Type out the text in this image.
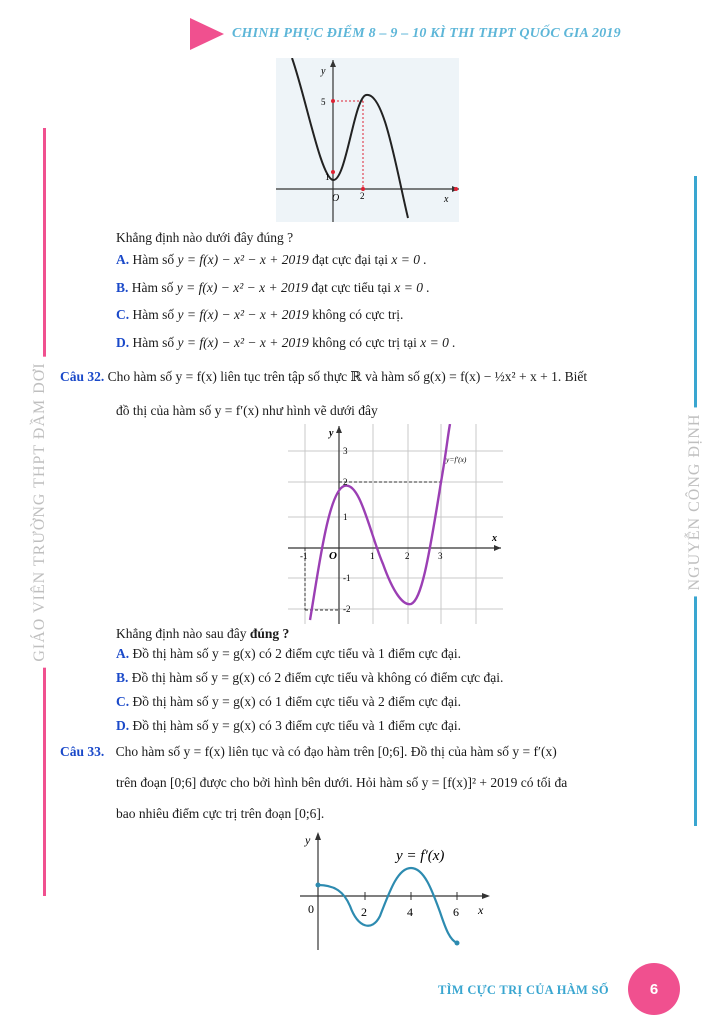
CHINH PHỤC ĐIỂM 8 – 9 – 10 KÌ THI THPT QUỐC GIA 2019
GIÁO VIÊN TRƯỜNG THPT ĐẦM DƠI	NGUYỄN CÔNG ĐỊNH
y
x
5
1
2
O
Khẳng định nào dưới đây đúng ?
A. Hàm số y = f(x) − x² − x + 2019 đạt cực đại tại x = 0 .
B. Hàm số y = f(x) − x² − x + 2019 đạt cực tiểu tại x = 0 .
C. Hàm số y = f(x) − x² − x + 2019 không có cực trị.
D. Hàm số y = f(x) − x² − x + 2019 không có cực trị tại x = 0 .
Câu 32. Cho hàm số y = f(x) liên tục trên tập số thực ℝ và hàm số g(x) = f(x) − ½x² + x + 1. Biết
đồ thị của hàm số y = f′(x) như hình vẽ dưới đây
y=f'(x)
y
x
O
-1	1	2	3
3
2
1
-1
-2
Khẳng định nào sau đây đúng ?
A. Đồ thị hàm số y = g(x) có 2 điểm cực tiểu và 1 điểm cực đại.
B. Đồ thị hàm số y = g(x) có 2 điểm cực tiểu và không có điểm cực đại.
C. Đồ thị hàm số y = g(x) có 1 điểm cực tiểu và 2 điểm cực đại.
D. Đồ thị hàm số y = g(x) có 3 điểm cực tiểu và 1 điểm cực đại.
Câu 33. Cho hàm số y = f(x) liên tục và có đạo hàm trên [0;6]. Đồ thị của hàm số y = f′(x)
trên đoạn [0;6] được cho bởi hình bên dưới. Hỏi hàm số y = [f(x)]² + 2019 có tối đa
bao nhiêu điểm cực trị trên đoạn [0;6].
y = f′(x)
y
x
0	2	4	6
TÌM CỰC TRỊ CỦA HÀM SỐ	6
